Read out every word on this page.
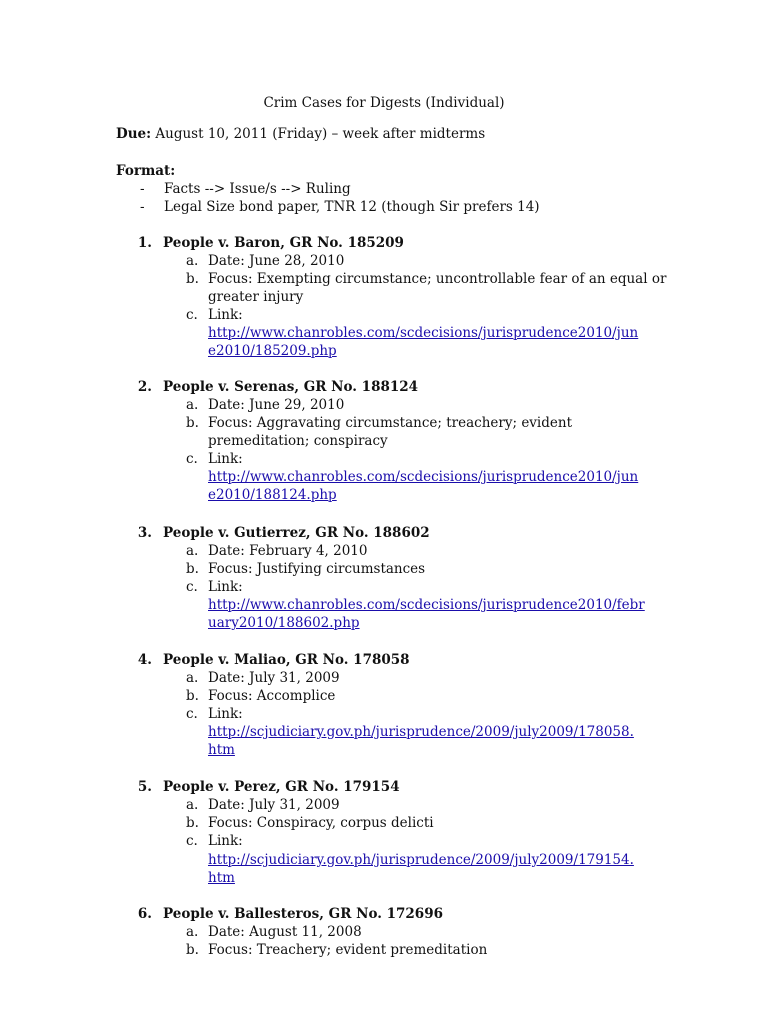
Crim Cases for Digests (Individual)
Due: August 10, 2011 (Friday) – week after midterms
Format:
- Facts --> Issue/s --> Ruling
- Legal Size bond paper, TNR 12 (though Sir prefers 14)
1. People v. Baron, GR No. 185209
a. Date: June 28, 2010
b. Focus: Exempting circumstance; uncontrollable fear of an equal or
greater injury
c. Link:
http://www.chanrobles.com/scdecisions/jurisprudence2010/jun
e2010/185209.php
2. People v. Serenas, GR No. 188124
a. Date: June 29, 2010
b. Focus: Aggravating circumstance; treachery; evident
premeditation; conspiracy
c. Link:
http://www.chanrobles.com/scdecisions/jurisprudence2010/jun
e2010/188124.php
3. People v. Gutierrez, GR No. 188602
a. Date: February 4, 2010
b. Focus: Justifying circumstances
c. Link:
http://www.chanrobles.com/scdecisions/jurisprudence2010/febr
uary2010/188602.php
4. People v. Maliao, GR No. 178058
a. Date: July 31, 2009
b. Focus: Accomplice
c. Link:
http://scjudiciary.gov.ph/jurisprudence/2009/july2009/178058.
htm
5. People v. Perez, GR No. 179154
a. Date: July 31, 2009
b. Focus: Conspiracy, corpus delicti
c. Link:
http://scjudiciary.gov.ph/jurisprudence/2009/july2009/179154.
htm
6. People v. Ballesteros, GR No. 172696
a. Date: August 11, 2008
b. Focus: Treachery; evident premeditation
